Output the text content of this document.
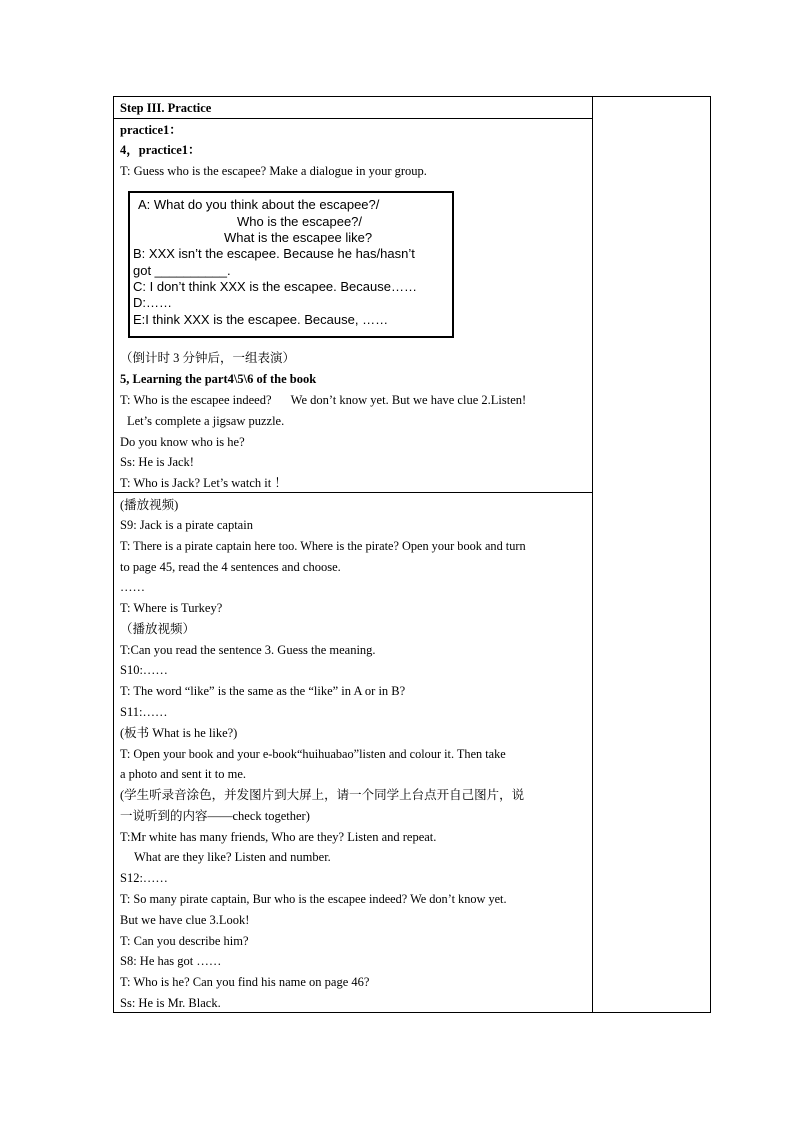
Step III. Practice
practice1：
4，practice1：
T: Guess who is the escapee? Make a dialogue in your group.
A: What do you think about the escapee?/
Who is the escapee?/
What is the escapee like?
B: XXX isn’t the escapee. Because he has/hasn’t
got __________.
C: I don’t think XXX is the escapee. Because……
D:……
E:I think XXX is the escapee. Because, ……
（倒计时 3 分钟后，一组表演）
5, Learning the part4\5\6 of the book
T: Who is the escapee indeed? We don’t know yet. But we have clue 2.Listen!
Let’s complete a jigsaw puzzle.
Do you know who is he?
Ss: He is Jack!
T: Who is Jack? Let’s watch it ！
(播放视频)
S9: Jack is a pirate captain
T: There is a pirate captain here too. Where is the pirate? Open your book and turn
to page 45, read the 4 sentences and choose.
……
T: Where is Turkey?
（播放视频）
T:Can you read the sentence 3. Guess the meaning.
S10:……
T: The word “like” is the same as the “like” in A or in B?
S11:……
(板书 What is he like?)
T: Open your book and your e-book“huihuabao”listen and colour it. Then take
a photo and sent it to me.
(学生听录音涂色，并发图片到大屏上，请一个同学上台点开自己图片，说
一说听到的内容——check together)
T:Mr white has many friends, Who are they? Listen and repeat.
What are they like? Listen and number.
S12:……
T: So many pirate captain, Bur who is the escapee indeed? We don’t know yet.
But we have clue 3.Look!
T: Can you describe him?
S8: He has got ……
T: Who is he? Can you find his name on page 46?
Ss: He is Mr. Black.
